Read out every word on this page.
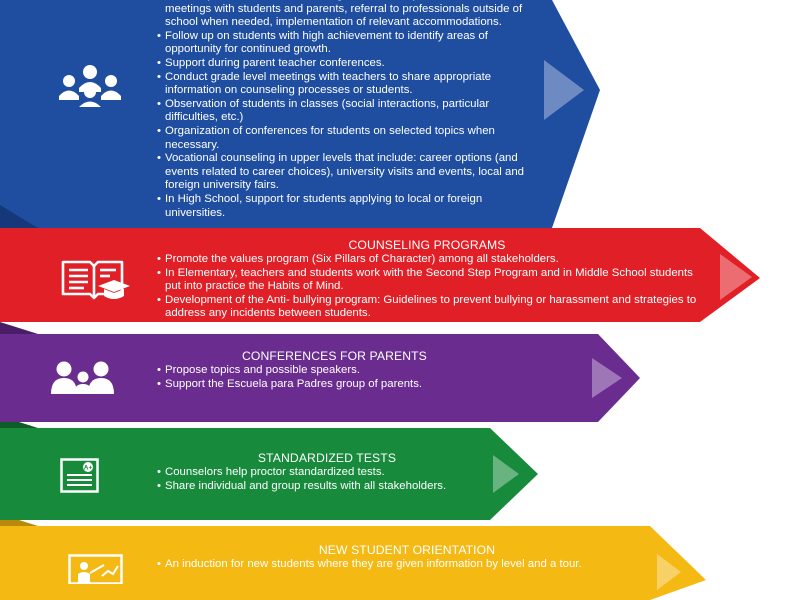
• meetings with students and parents, referral to professionals outside of school when needed, implementation of relevant accommodations.
• Follow up on students with high achievement to identify areas of opportunity for continued growth.
• Support during parent teacher conferences.
• Conduct grade level meetings with teachers to share appropriate information on counseling processes or students.
• Observation of students in classes (social interactions, particular difficulties, etc.)
• Organization of conferences for students on selected topics when necessary.
• Vocational counseling in upper levels that include: career options (and events related to career choices), university visits and events, local and foreign university fairs.
• In High School, support for students applying to local or foreign universities.
COUNSELING PROGRAMS
• Promote the values program (Six Pillars of Character) among all stakeholders.
• In Elementary, teachers and students work with the Second Step Program and in Middle School students put into practice the Habits of Mind.
• Development of the Anti- bullying program: Guidelines to prevent bullying or harassment and strategies to address any incidents between students.
CONFERENCES FOR PARENTS
• Propose topics and possible speakers.
• Support the Escuela para Padres group of parents.
A+
STANDARDIZED TESTS
• Counselors help proctor standardized tests.
• Share individual and group results with all stakeholders.
NEW STUDENT ORIENTATION
• An induction for new students where they are given information by level and a tour.
